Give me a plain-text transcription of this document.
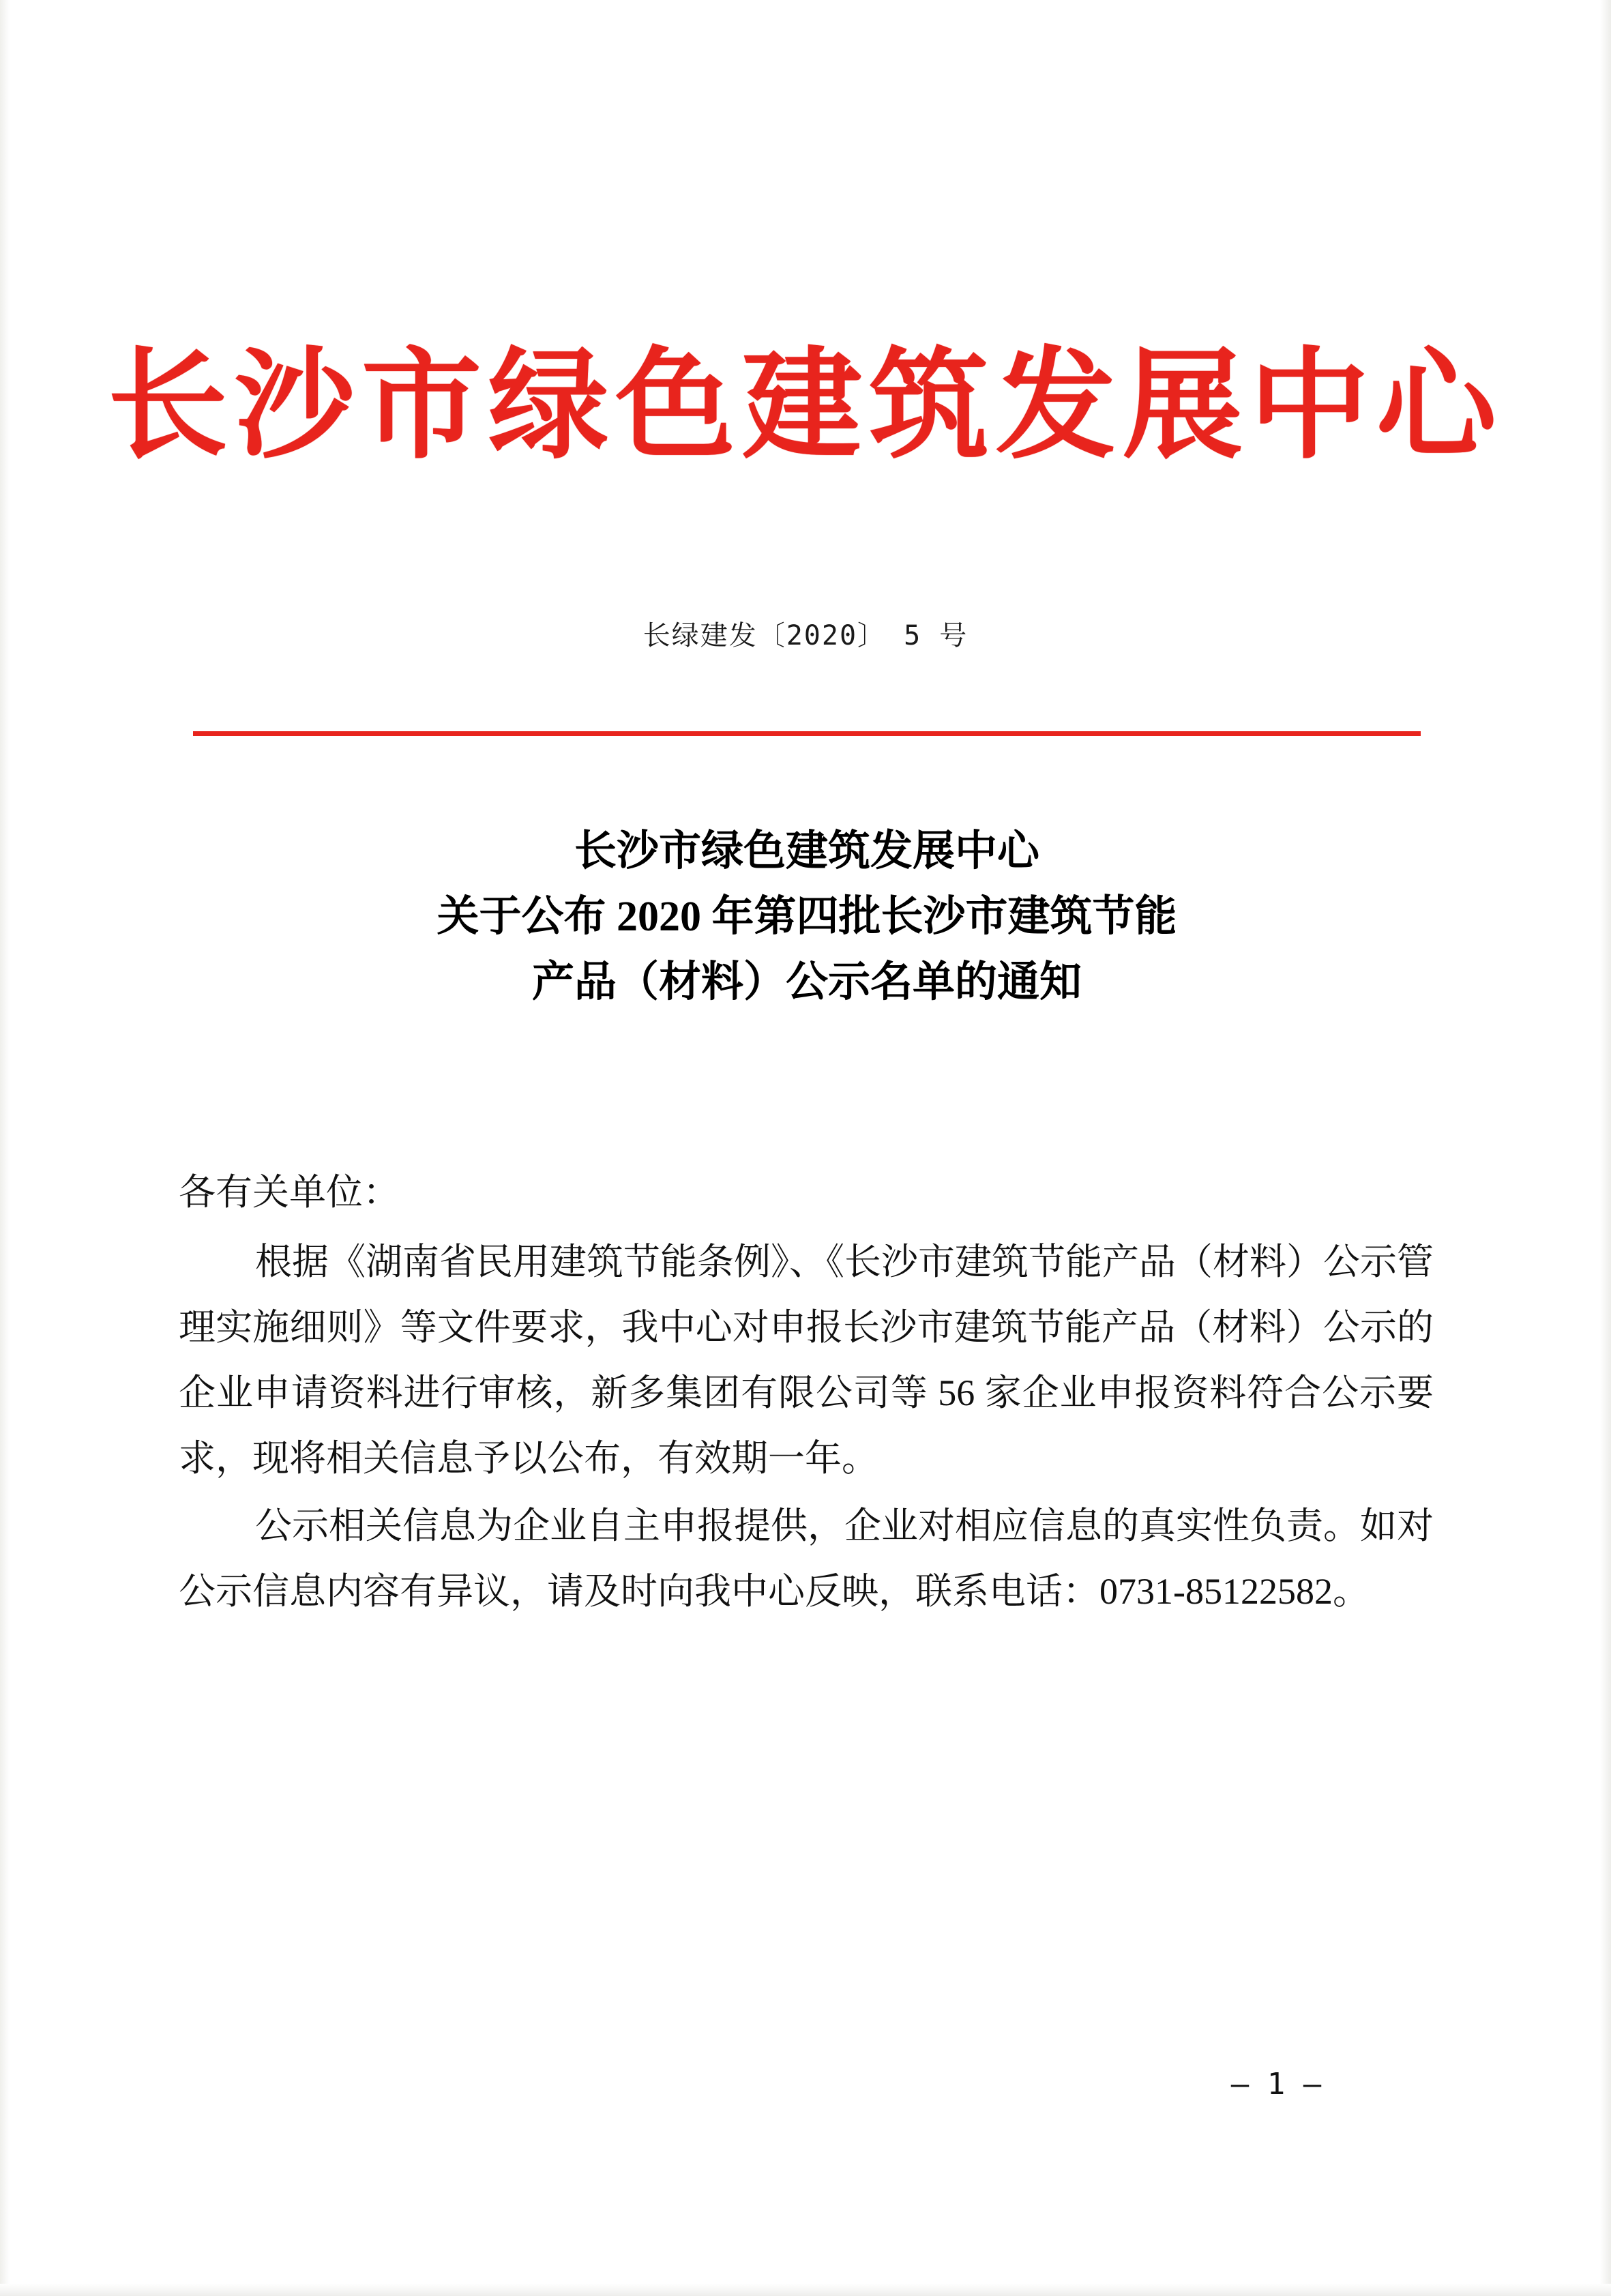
长沙市绿色建筑发展中心
长绿建发〔2020〕 5 号
长沙市绿色建筑发展中心
关于公布 2020 年第四批长沙市建筑节能
产品（材料）公示名单的通知
各有关单位：
根据《湖南省民用建筑节能条例》、《长沙市建筑节能产品（材料）公示管理实施细则》等文件要求，我中心对申报长沙市建筑节能产品（材料）公示的企业申请资料进行审核，新多集团有限公司等 56 家企业申报资料符合公示要求，现将相关信息予以公布，有效期一年。
公示相关信息为企业自主申报提供，企业对相应信息的真实性负责。如对公示信息内容有异议，请及时向我中心反映，联系电话：0731-85122582。
— 1 —
